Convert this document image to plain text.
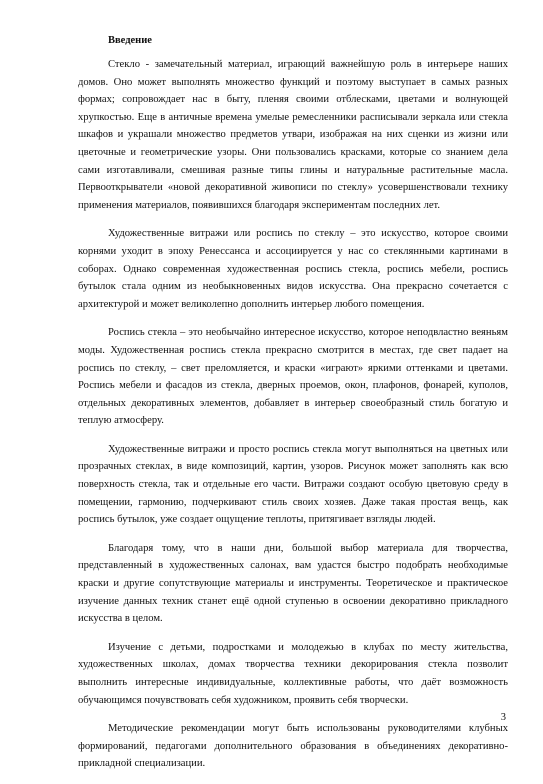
Введение

Стекло - замечательный материал, играющий важнейшую роль в интерьере наших домов. Оно может выполнять множество функций и поэтому выступает в самых разных формах; сопровождает нас в быту, пленяя своими отблесками, цветами и волнующей хрупкостью. Еще в античные времена умелые ремесленники расписывали зеркала или стекла шкафов и украшали множество предметов утвари, изображая на них сценки из жизни или цветочные и геометрические узоры. Они пользовались красками, которые со знанием дела сами изготавливали, смешивая разные типы глины и натуральные растительные масла. Первооткрыватели «новой декоративной живописи по стеклу» усовершенствовали технику применения материалов, появившихся благодаря экспериментам последних лет.

Художественные витражи или роспись по стеклу – это искусство, которое своими корнями уходит в эпоху Ренессанса и ассоциируется у нас со стеклянными картинами в соборах. Однако современная художественная роспись стекла, роспись мебели, роспись бутылок стала одним из необыкновенных видов искусства. Она прекрасно сочетается с архитектурой и может великолепно дополнить интерьер любого помещения.

Роспись стекла – это необычайно интересное искусство, которое неподвластно веяньям моды. Художественная роспись стекла прекрасно смотрится в местах, где свет падает на роспись по стеклу, – свет преломляется, и краски «играют» яркими оттенками и цветами. Роспись мебели и фасадов из стекла, дверных проемов, окон, плафонов, фонарей, куполов, отдельных декоративных элементов, добавляет в интерьер своеобразный стиль богатую и теплую атмосферу.

Художественные витражи и просто роспись стекла могут выполняться на цветных или прозрачных стеклах, в виде композиций, картин, узоров. Рисунок может заполнять как всю поверхность стекла, так и отдельные его части. Витражи создают особую цветовую среду в помещении, гармонию, подчеркивают стиль своих хозяев. Даже такая простая вещь, как роспись бутылок, уже создает ощущение теплоты, притягивает взгляды людей.

Благодаря тому, что в наши дни, большой выбор материала для творчества, представленный в художественных салонах, вам удастся быстро подобрать необходимые краски и другие сопутствующие материалы и инструменты. Теоретическое и практическое изучение данных техник станет ещё одной ступенью в освоении декоративно прикладного искусства в целом.

Изучение с детьми, подростками и молодежью в клубах по месту жительства, художественных школах, домах творчества техники декорирования стекла позволит выполнить интересные индивидуальные, коллективные работы, что даёт возможность обучающимся почувствовать себя художником, проявить себя творчески.

Методические рекомендации могут быть использованы руководителями клубных формирований, педагогами дополнительного образования в объединениях декоративно-прикладной специализации.

3
